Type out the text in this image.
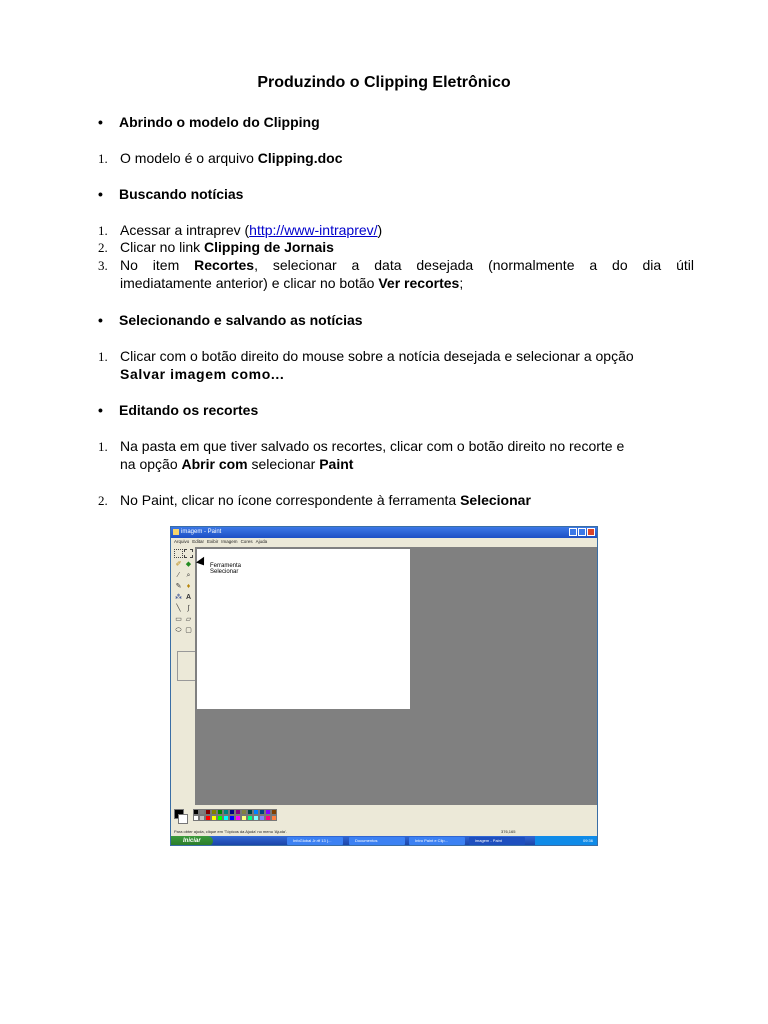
Produzindo o Clipping Eletrônico
• Abrindo o modelo do Clipping
1. O modelo é o arquivo Clipping.doc
• Buscando notícias
1. Acessar a intraprev (http://www-intraprev/)
2. Clicar no link Clipping de Jornais
3. No item Recortes, selecionar a data desejada (normalmente a do dia útil
imediatamente anterior) e clicar no botão Ver recortes;
• Selecionando e salvando as notícias
1. Clicar com o botão direito do mouse sobre a notícia desejada e selecionar a opção
Salvar imagem como...
• Editando os recortes
1. Na pasta em que tiver salvado os recortes, clicar com o botão direito no recorte e
na opção Abrir com selecionar Paint
2. No Paint, clicar no ícone correspondente à ferramenta Selecionar
imagem - Paint
Arquivo Editar Exibir Imagem Cores Ajuda
✐ ◆
⁄	⌕
✎ ♦
⁂ A
╲ ∫
▭ ▱
⬭ ▢
Ferramenta
Selecionar
Para obter ajuda, clique em 'Tópicos da Ajuda' no menu 'Ajuda'.	376,165
Iniciar	InfoGlobal Jr.rtf 13 (...	Documentos	Intro Paint e Clip...	imagem - Paint	09:36
